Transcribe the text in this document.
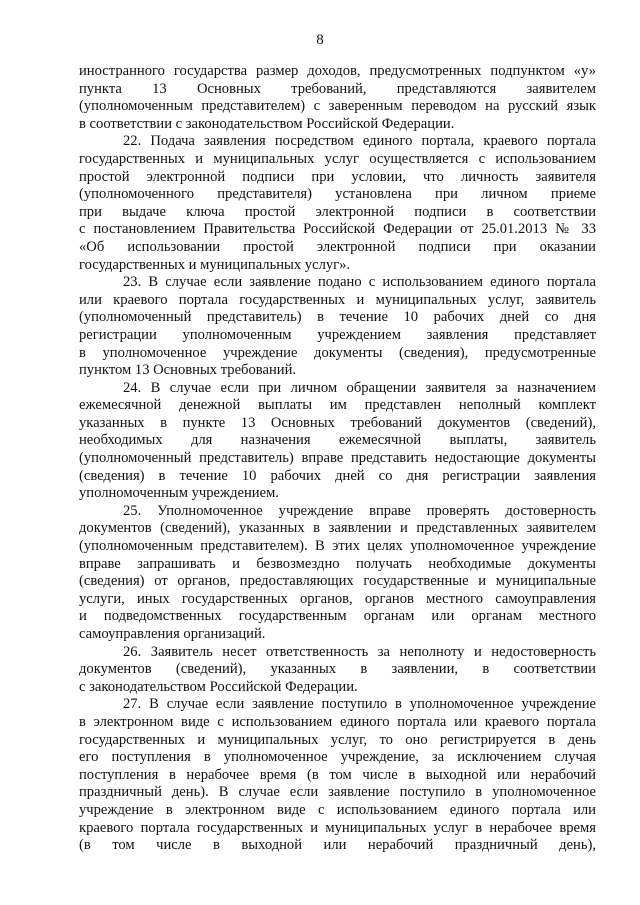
8
иностранного государства размер доходов, предусмотренных подпунктом «у»
пункта 13 Основных требований, представляются заявителем
(уполномоченным представителем) с заверенным переводом на русский язык
в соответствии с законодательством Российской Федерации.
22. Подача заявления посредством единого портала, краевого портала
государственных и муниципальных услуг осуществляется с использованием
простой электронной подписи при условии, что личность заявителя
(уполномоченного представителя) установлена при личном приеме
при выдаче ключа простой электронной подписи в соответствии
с постановлением Правительства Российской Федерации от 25.01.2013 № 33
«Об использовании простой электронной подписи при оказании
государственных и муниципальных услуг».
23. В случае если заявление подано с использованием единого портала
или краевого портала государственных и муниципальных услуг, заявитель
(уполномоченный представитель) в течение 10 рабочих дней со дня
регистрации уполномоченным учреждением заявления представляет
в уполномоченное учреждение документы (сведения), предусмотренные
пунктом 13 Основных требований.
24. В случае если при личном обращении заявителя за назначением
ежемесячной денежной выплаты им представлен неполный комплект
указанных в пункте 13 Основных требований документов (сведений),
необходимых для назначения ежемесячной выплаты, заявитель
(уполномоченный представитель) вправе представить недостающие документы
(сведения) в течение 10 рабочих дней со дня регистрации заявления
уполномоченным учреждением.
25. Уполномоченное учреждение вправе проверять достоверность
документов (сведений), указанных в заявлении и представленных заявителем
(уполномоченным представителем). В этих целях уполномоченное учреждение
вправе запрашивать и безвозмездно получать необходимые документы
(сведения) от органов, предоставляющих государственные и муниципальные
услуги, иных государственных органов, органов местного самоуправления
и подведомственных государственным органам или органам местного
самоуправления организаций.
26. Заявитель несет ответственность за неполноту и недостоверность
документов (сведений), указанных в заявлении, в соответствии
с законодательством Российской Федерации.
27. В случае если заявление поступило в уполномоченное учреждение
в электронном виде с использованием единого портала или краевого портала
государственных и муниципальных услуг, то оно регистрируется в день
его поступления в уполномоченное учреждение, за исключением случая
поступления в нерабочее время (в том числе в выходной или нерабочий
праздничный день). В случае если заявление поступило в уполномоченное
учреждение в электронном виде с использованием единого портала или
краевого портала государственных и муниципальных услуг в нерабочее время
(в том числе в выходной или нерабочий праздничный день),
